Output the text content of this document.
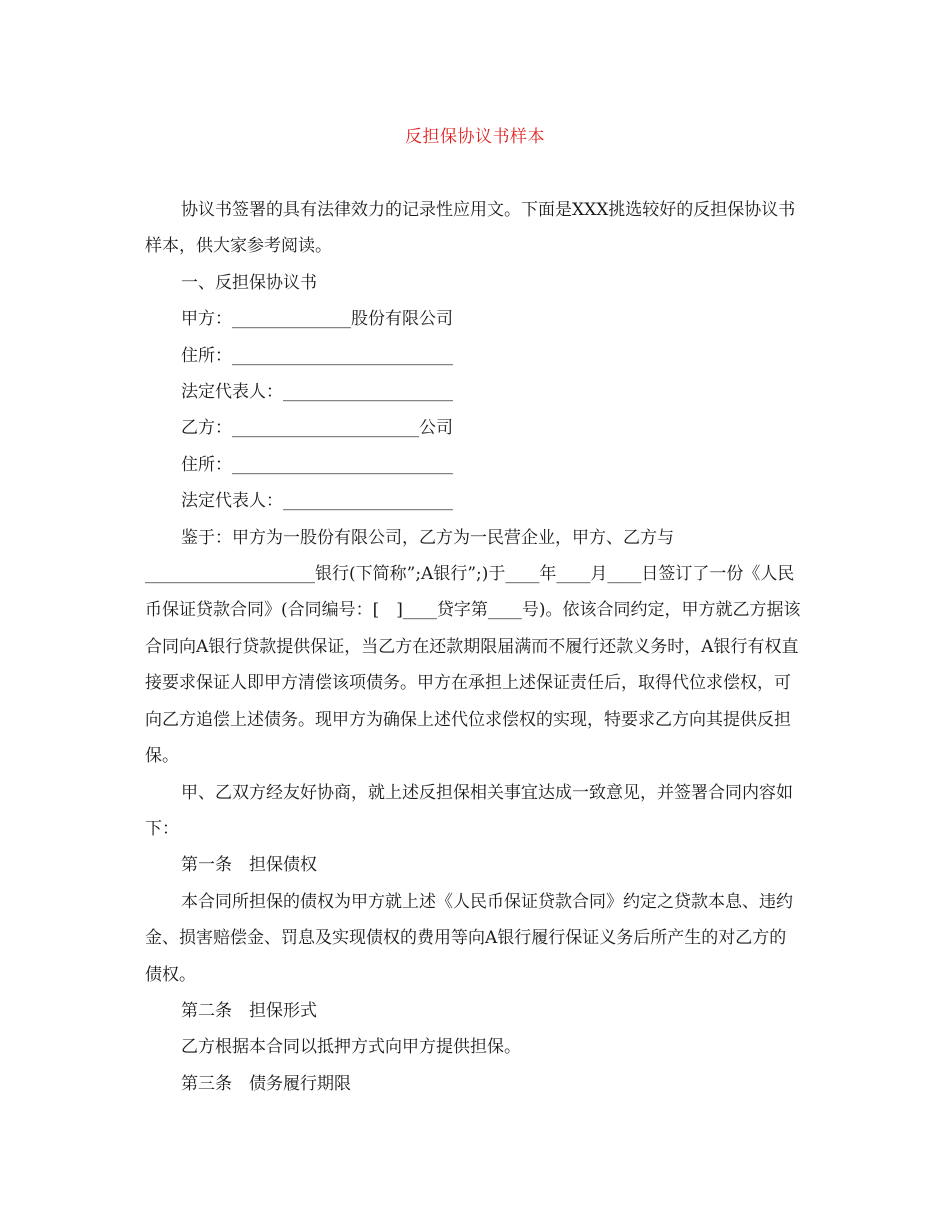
反担保协议书样本

协议书签署的具有法律效力的记录性应用文。下面是XXX挑选较好的反担保协议书样本，供大家参考阅读。

一、反担保协议书

甲方：______________股份有限公司

住所：__________________________

法定代表人：____________________

乙方：______________________公司

住所：__________________________

法定代表人：____________________

鉴于：甲方为一股份有限公司，乙方为一民营企业，甲方、乙方与____________________银行(下简称”;A银行”;)于____年____月____日签订了一份《人民币保证贷款合同》(合同编号：[　]____贷字第____号)。依该合同约定，甲方就乙方据该合同向A银行贷款提供保证，当乙方在还款期限届满而不履行还款义务时，A银行有权直接要求保证人即甲方清偿该项债务。甲方在承担上述保证责任后，取得代位求偿权，可向乙方追偿上述债务。现甲方为确保上述代位求偿权的实现，特要求乙方向其提供反担保。

甲、乙双方经友好协商，就上述反担保相关事宜达成一致意见，并签署合同内容如下：

第一条　担保债权

本合同所担保的债权为甲方就上述《人民币保证贷款合同》约定之贷款本息、违约金、损害赔偿金、罚息及实现债权的费用等向A银行履行保证义务后所产生的对乙方的债权。

第二条　担保形式

乙方根据本合同以抵押方式向甲方提供担保。

第三条　债务履行期限
